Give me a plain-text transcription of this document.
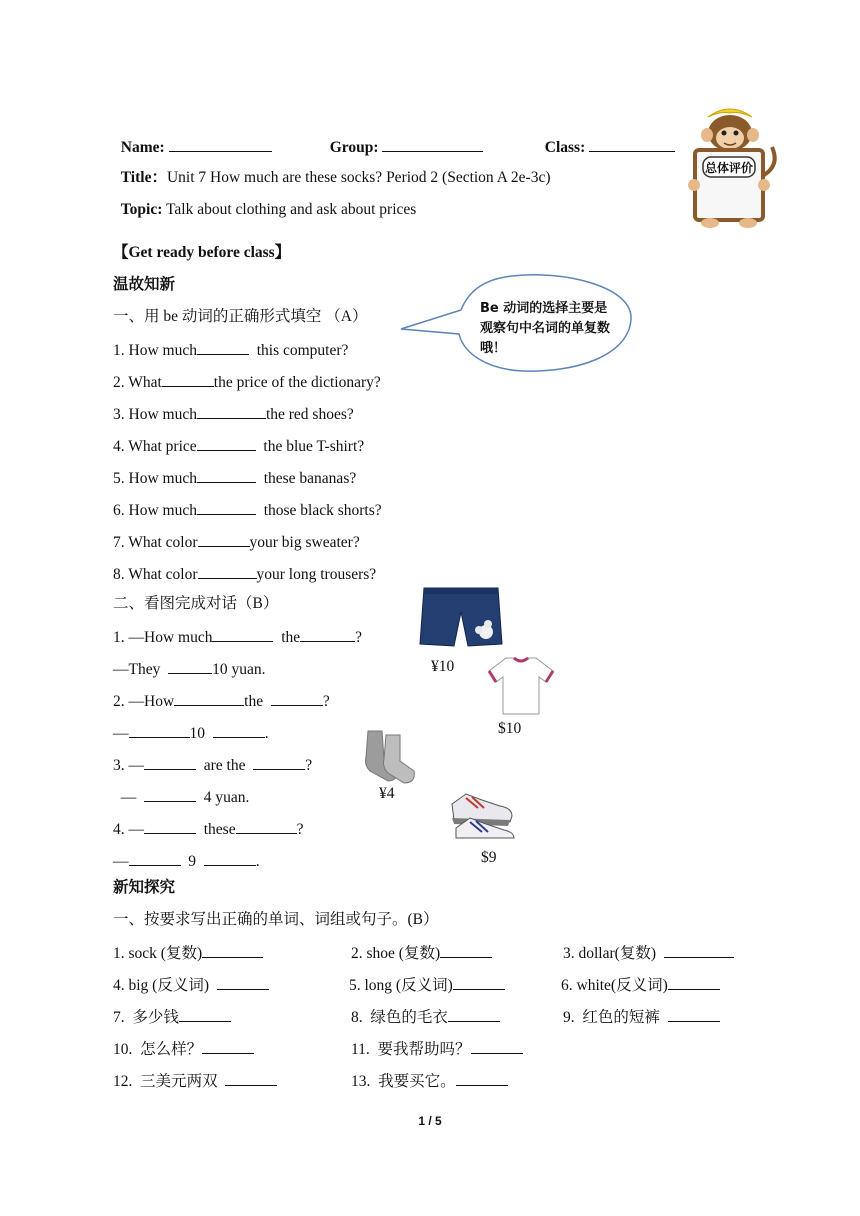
Name:	Group:	Class:

Title：Unit 7 How much are these socks? Period 2 (Section A 2e-3c)

Topic: Talk about clothing and ask about prices

总体评价
【Get ready before class】
温故知新
一、用 be 动词的正确形式填空 （A）	Be 动词的选择主要是观察句中名词的单复数哦！
1. How much	this computer?
2. What	the price of the dictionary?
3. How much	the red shoes?
4. What price	the blue T-shirt?
5. How much	these bananas?
6. How much	those black shorts?
7. What color	your big sweater?
8. What color	your long trousers?
二、看图完成对话（B）
1. —How much	the	?
—They	10 yuan.
2. —How	the	?
—	10	.
3. —	are the	?
—	4 yuan.
4. —	these	?
—	9	.
¥10
$10
¥4
$9
新知探究
一、按要求写出正确的单词、词组或句子。(B）
1. sock (复数)	2. shoe (复数)	3. dollar(复数)
4. big (反义词)	5. long (反义词)	6. white(反义词)
7.  多少钱	8.  绿色的毛衣	9.  红色的短裤
10.  怎么样？	11.  要我帮助吗？
12.  三美元两双	13.  我要买它。
1 / 5
